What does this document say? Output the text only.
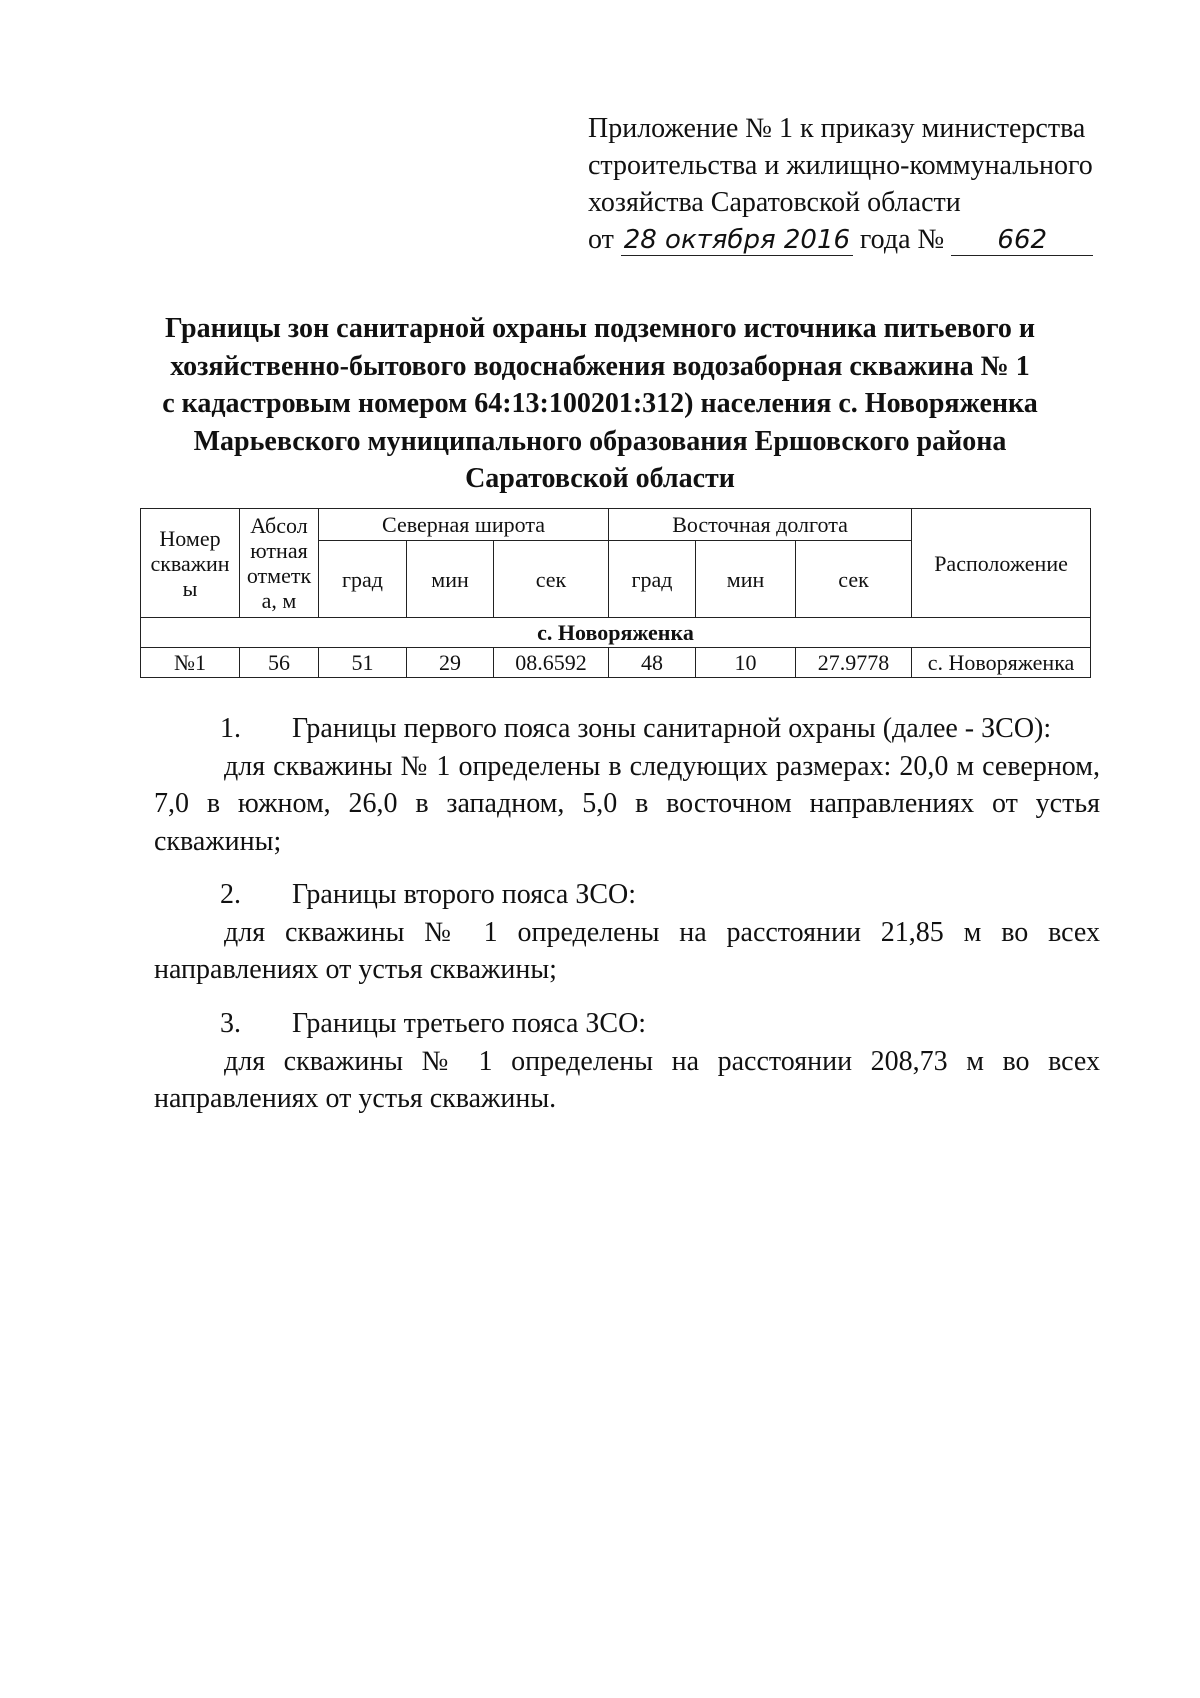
Приложение № 1 к приказу министерства
строительства и жилищно-коммунального
хозяйства Саратовской области
от 28 октября 2016 года № 662
Границы зон санитарной охраны подземного источника питьевого и
хозяйственно-бытового водоснабжения водозаборная скважина № 1
с кадастровым номером 64:13:100201:312) населения с. Новоряженка
Марьевского муниципального образования Ершовского района
Саратовской области
Номер скважин ы	Абсол ютная отметк а, м	Северная широта			Восточная долгота			Расположение
		град	мин	сек	град	мин	сек	
с. Новоряженка								
№1	56	51	29	08.6592	48	10	27.9778	с. Новоряженка
1. Границы первого пояса зоны санитарной охраны (далее - ЗСО):
для скважины № 1 определены в следующих размерах: 20,0 м северном, 7,0 в южном, 26,0 в западном, 5,0 в восточном направлениях от устья скважины;
2. Границы второго пояса ЗСО:
для скважины № 1 определены на расстоянии 21,85 м во всех направлениях от устья скважины;
3. Границы третьего пояса ЗСО:
для скважины № 1 определены на расстоянии 208,73 м во всех направлениях от устья скважины.
